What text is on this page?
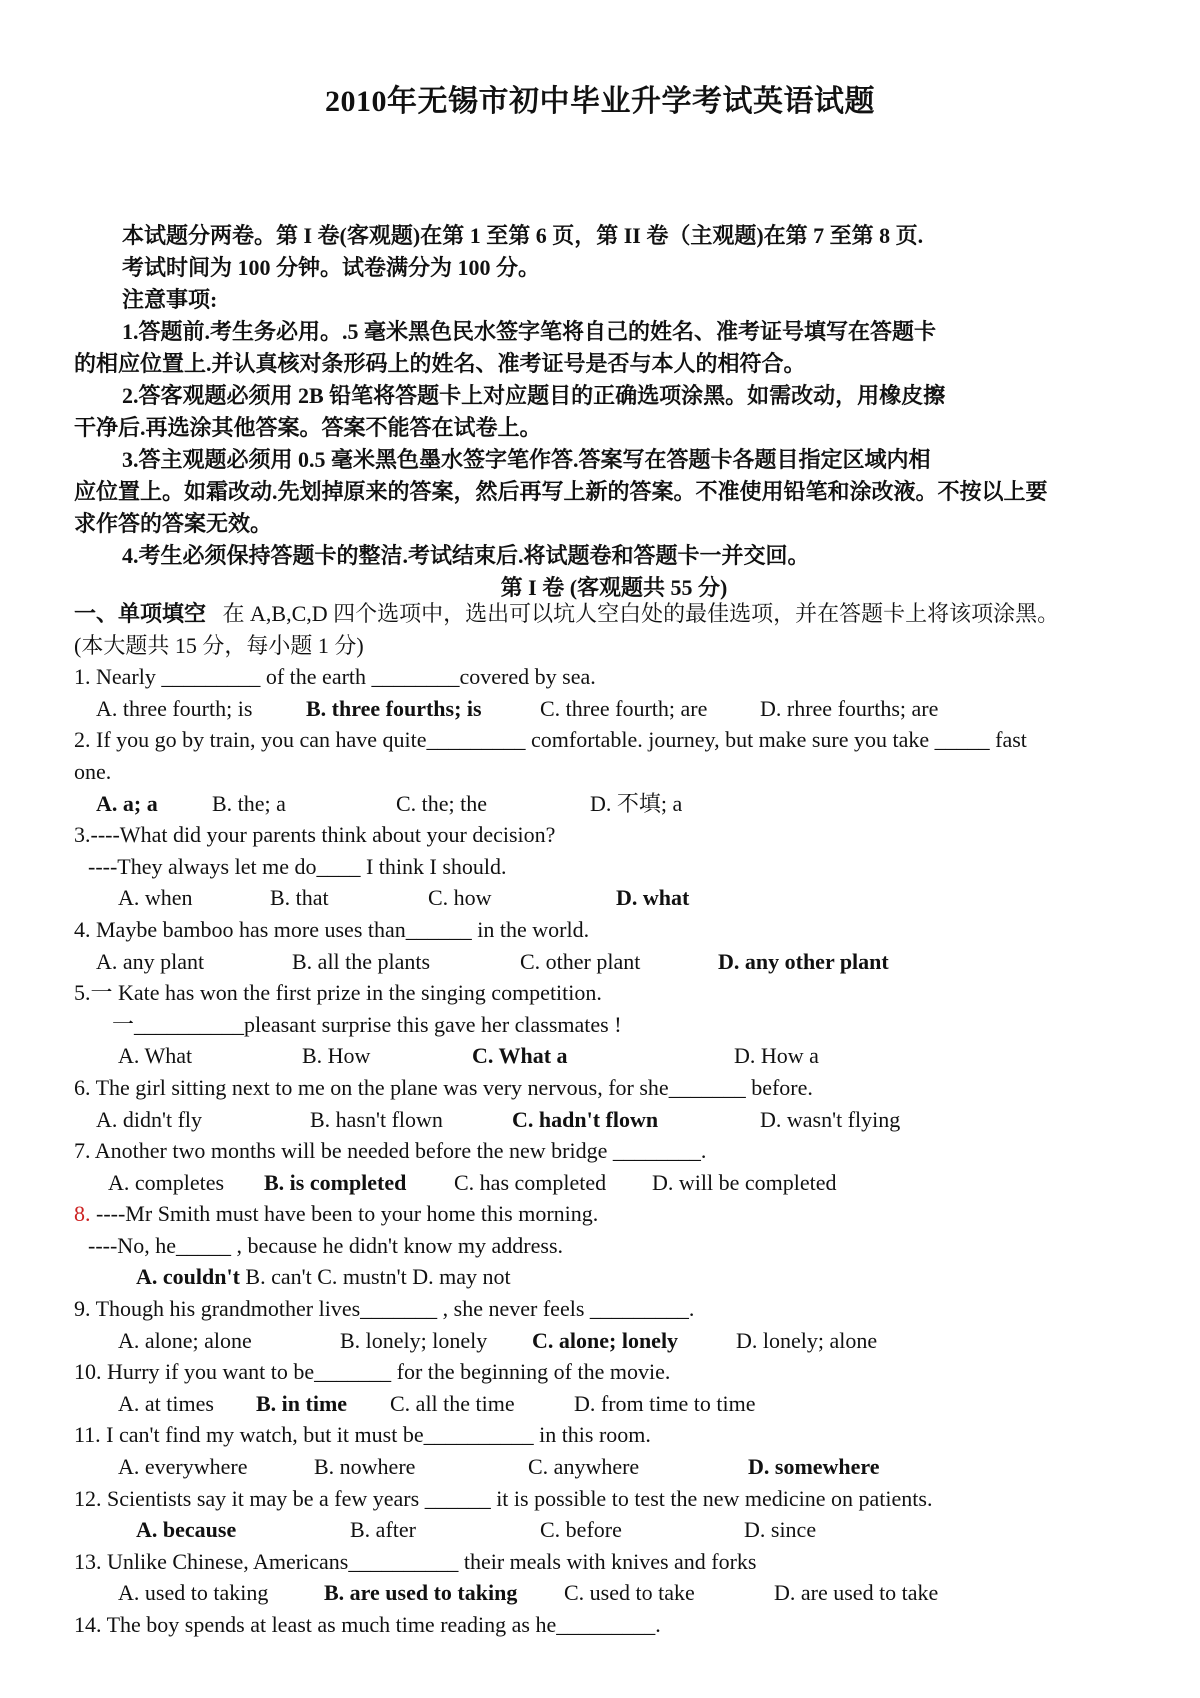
2010年无锡市初中毕业升学考试英语试题
本试题分两卷。第 I 卷(客观题)在第 1 至第 6 页，第 II 卷（主观题)在第 7 至第 8 页.
考试时间为 100 分钟。试卷满分为 100 分。
注意事项:
1.答题前.考生务必用。.5 毫米黑色民水签字笔将自己的姓名、准考证号填写在答题卡
的相应位置上.并认真核对条形码上的姓名、准考证号是否与本人的相符合。
2.答客观题必须用 2B 铅笔将答题卡上对应题目的正确选项涂黑。如需改动，用橡皮擦
干净后.再选涂其他答案。答案不能答在试卷上。
3.答主观题必须用 0.5 毫米黑色墨水签字笔作答.答案写在答题卡各题目指定区域内相
应位置上。如霜改动.先划掉原来的答案，然后再写上新的答案。不准使用铅笔和涂改液。不按以上要
求作答的答案无效。
4.考生必须保持答题卡的整洁.考试结束后.将试题卷和答题卡一并交回。
第 I 卷 (客观题共 55 分)
一、单项填空 在 A,B,C,D 四个选项中，选出可以坑人空白处的最佳选项，并在答题卡上将该项涂黑。
(本大题共 15 分，每小题 1 分)
1. Nearly _________ of the earth ________covered by sea.
A. three fourth; is B. three fourths; is	C. three fourth; are D. rhree fourths; are
2. If you go by train, you can have quite_________ comfortable. journey, but make sure you take _____ fast
one.
A. a; a B. the; a	C. the; the	D. 不填; a
3.----What did your parents think about your decision?
----They always let me do____ I think I should.
A. when	B. that	C. how	D. what
4. Maybe bamboo has more uses than______ in the world.
A. any plant	B. all the plants	C. other plant	D. any other plant
5.一 Kate has won the first prize in the singing competition.
一__________pleasant surprise this gave her classmates !
A. What	B. How	C. What a	D. How a
6. The girl sitting next to me on the plane was very nervous, for she_______ before.
A. didn't fly	B. hasn't flown	C. hadn't flown	D. wasn't flying
7. Another two months will be needed before the new bridge ________.
A. completes B. is completed C. has completed D. will be completed
8. ----Mr Smith must have been to your home this morning.
----No, he_____ , because he didn't know my address.
A. couldn't B. can't C. mustn't D. may not
9. Though his grandmother lives_______ , she never feels _________.
A. alone; alone	B. lonely; lonely C. alone; lonely	D. lonely; alone
10. Hurry if you want to be_______ for the beginning of the movie.
A. at times B. in time C. all the time	D. from time to time
11. I can't find my watch, but it must be__________ in this room.
A. everywhere	B. nowhere	C. anywhere	D. somewhere
12. Scientists say it may be a few years ______ it is possible to test the new medicine on patients.
A. because	B. after	C. before	D. since
13. Unlike Chinese, Americans__________ their meals with knives and forks
A. used to taking	B. are used to taking C. used to take	D. are used to take
14. The boy spends at least as much time reading as he_________.
